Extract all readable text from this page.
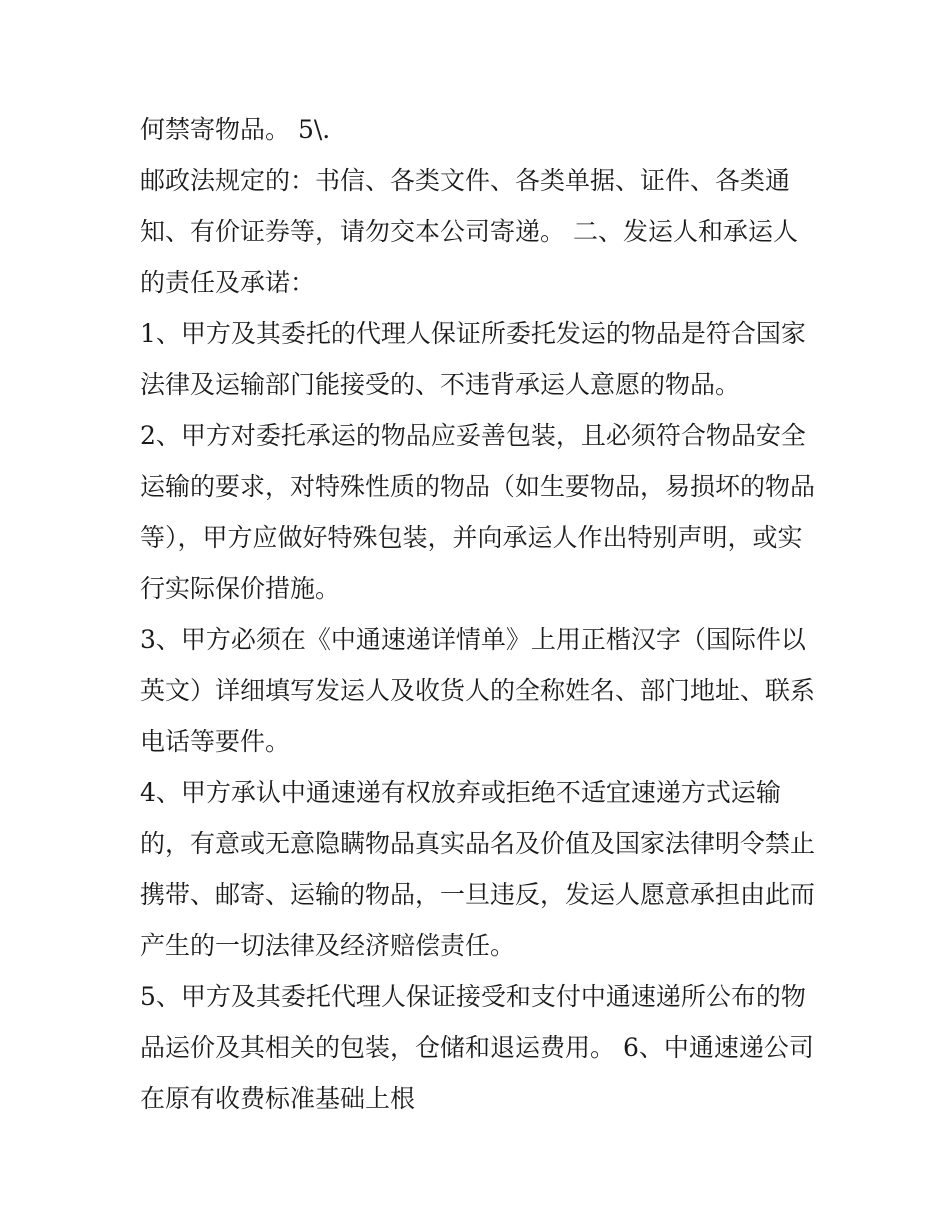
何禁寄物品。 5\.
邮政法规定的：书信、各类文件、各类单据、证件、各类通
知、有价证券等，请勿交本公司寄递。 二、发运人和承运人
的责任及承诺：
1、甲方及其委托的代理人保证所委托发运的物品是符合国家
法律及运输部门能接受的、不违背承运人意愿的物品。
2、甲方对委托承运的物品应妥善包装，且必须符合物品安全
运输的要求，对特殊性质的物品（如生要物品，易损坏的物品
等），甲方应做好特殊包装，并向承运人作出特别声明，或实
行实际保价措施。
3、甲方必须在《中通速递详情单》上用正楷汉字（国际件以
英文）详细填写发运人及收货人的全称姓名、部门地址、联系
电话等要件。
4、甲方承认中通速递有权放弃或拒绝不适宜速递方式运输
的，有意或无意隐瞒物品真实品名及价值及国家法律明令禁止
携带、邮寄、运输的物品，一旦违反，发运人愿意承担由此而
产生的一切法律及经济赔偿责任。
5、甲方及其委托代理人保证接受和支付中通速递所公布的物
品运价及其相关的包装，仓储和退运费用。 6、中通速递公司
在原有收费标准基础上根
